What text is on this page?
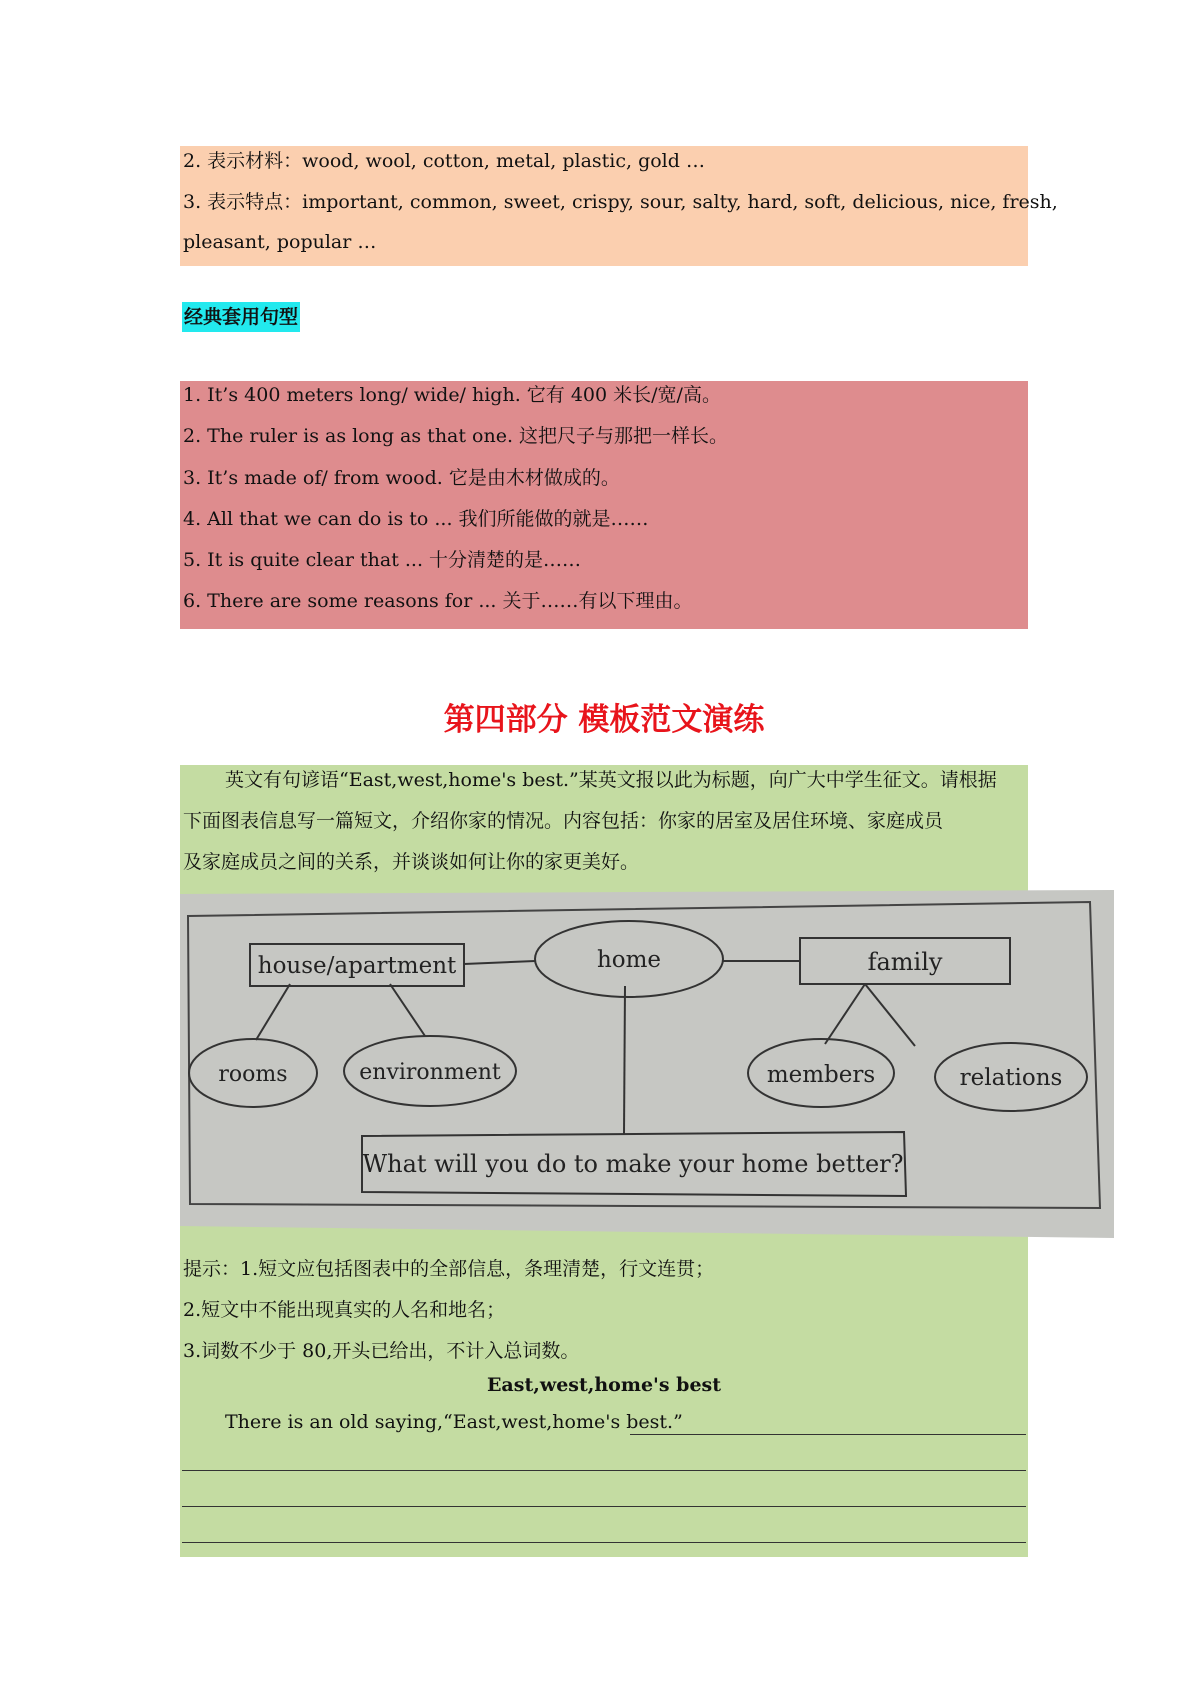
2. 表示材料：wood, wool, cotton, metal, plastic, gold …
3. 表示特点：important, common, sweet, crispy, sour, salty, hard, soft, delicious, nice, fresh,
pleasant, popular …
经典套用句型
1. It’s 400 meters long/ wide/ high. 它有 400 米长/宽/高。
2. The ruler is as long as that one. 这把尺子与那把一样长。
3. It’s made of/ from wood. 它是由木材做成的。
4. All that we can do is to ... 我们所能做的就是……
5. It is quite clear that ... 十分清楚的是……
6. There are some reasons for ... 关于……有以下理由。
第四部分 模板范文演练
英文有句谚语“East,west,home's best.”某英文报以此为标题，向广大中学生征文。请根据
下面图表信息写一篇短文，介绍你家的情况。内容包括：你家的居室及居住环境、家庭成员
及家庭成员之间的关系，并谈谈如何让你的家更美好。
house/apartment	home	family
rooms	environment	members	relations
What will you do to make your home better?
提示：1.短文应包括图表中的全部信息，条理清楚，行文连贯；
2.短文中不能出现真实的人名和地名；
3.词数不少于 80,开头已给出，不计入总词数。
East,west,home's best
There is an old saying,“East,west,home's best.”
